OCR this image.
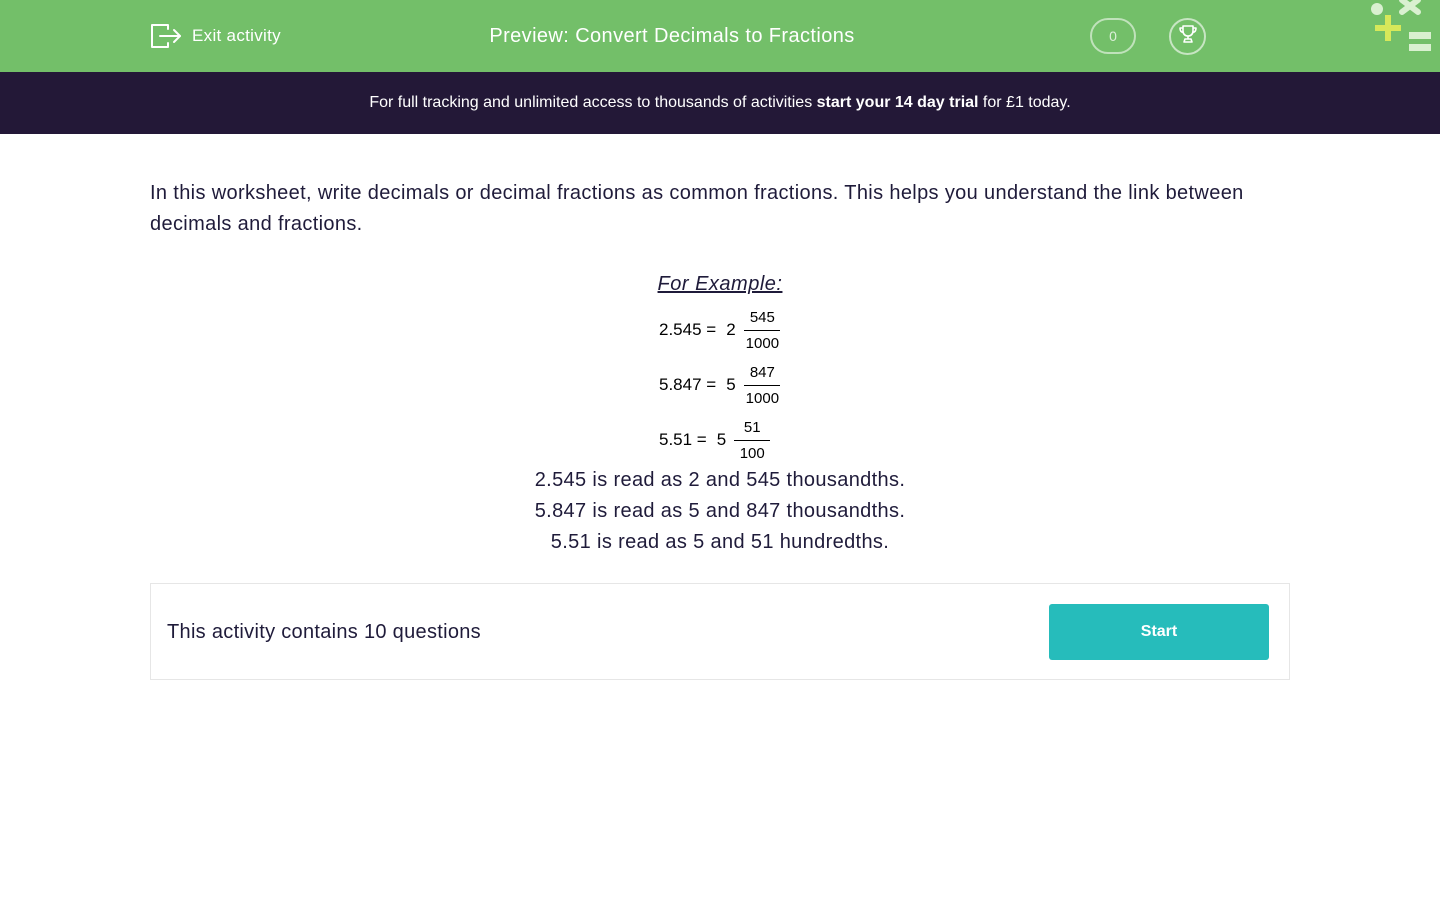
Exit activity	Preview: Convert Decimals to Fractions	0
For full tracking and unlimited access to thousands of activities start your 14 day trial for £1 today.
In this worksheet, write decimals or decimal fractions as common fractions. This helps you understand the link between decimals and fractions.
For Example:
$2.545 = 2 \frac{545}{1000}$
$5.847 = 5 \frac{847}{1000}$
$5.51 = 5 \frac{51}{100}$
2.545 is read as 2 and 545 thousandths.
5.847 is read as 5 and 847 thousandths.
5.51 is read as 5 and 51 hundredths.
This activity contains 10 questions	Start
